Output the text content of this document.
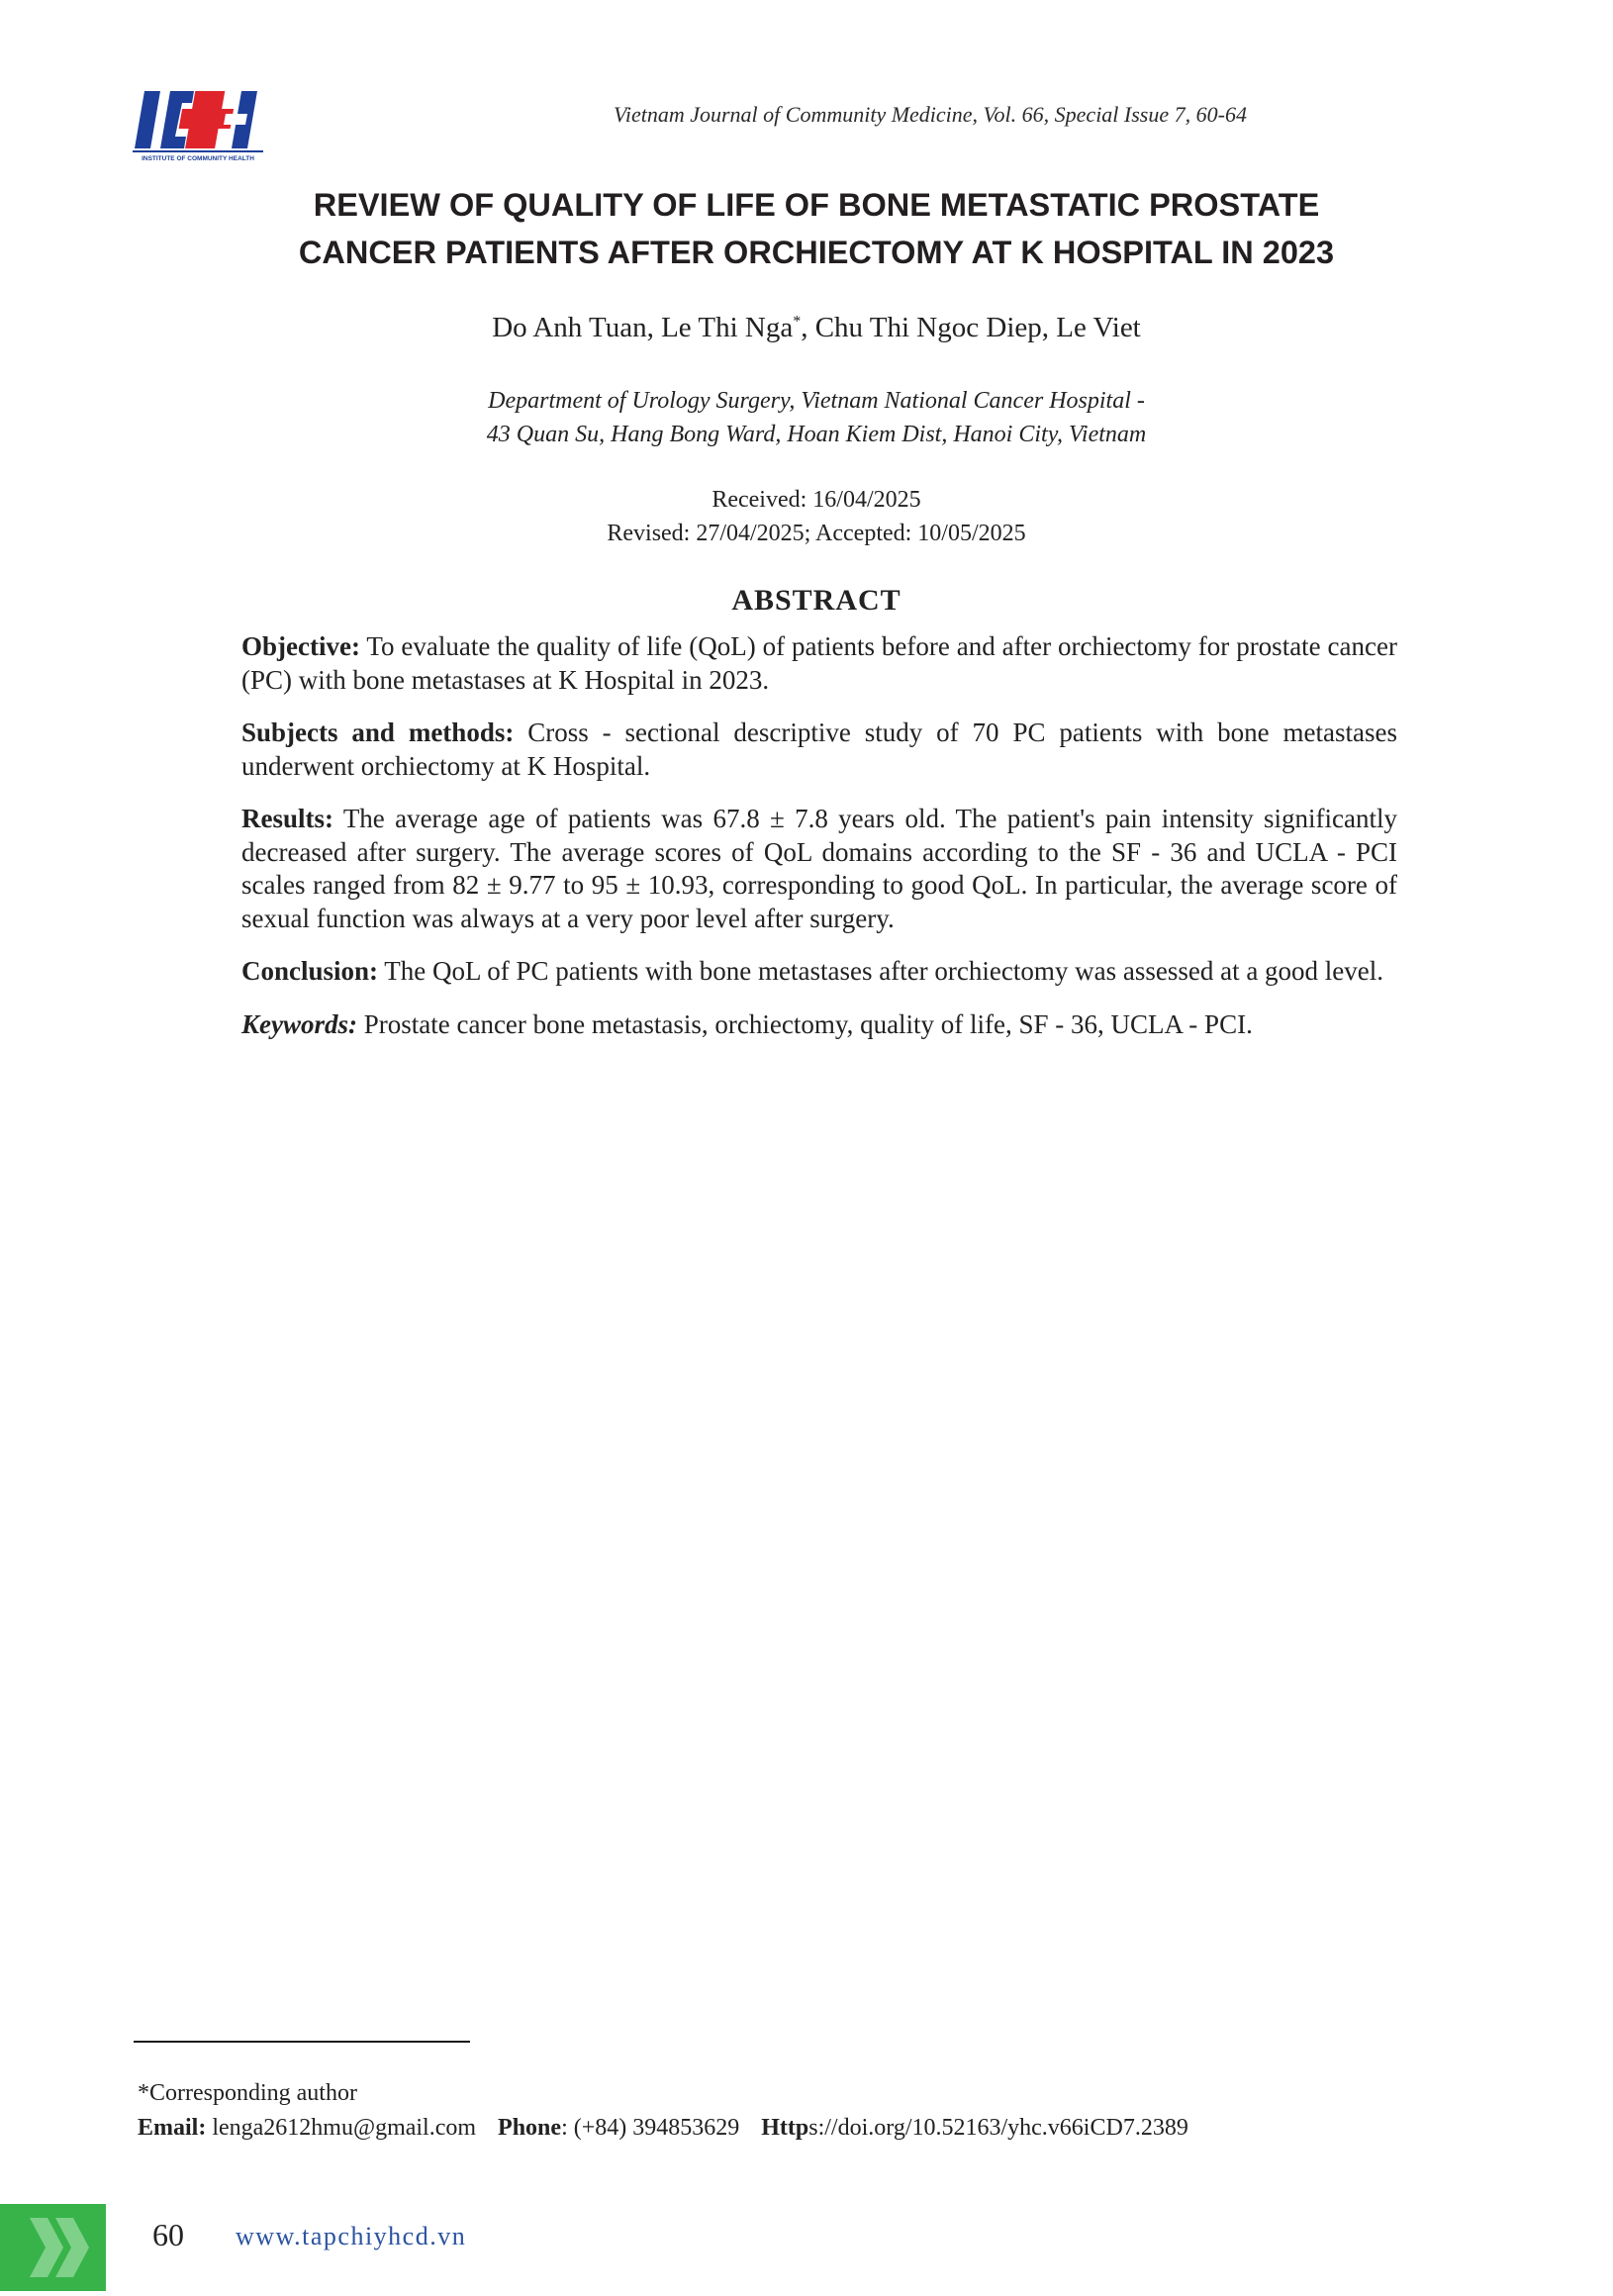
INSTITUTE OF COMMUNITY HEALTH
Vietnam Journal of Community Medicine, Vol. 66, Special Issue 7, 60-64
REVIEW OF QUALITY OF LIFE OF BONE METASTATIC PROSTATE
CANCER PATIENTS AFTER ORCHIECTOMY AT K HOSPITAL IN 2023
Do Anh Tuan, Le Thi Nga*, Chu Thi Ngoc Diep, Le Viet
Department of Urology Surgery, Vietnam National Cancer Hospital -
43 Quan Su, Hang Bong Ward, Hoan Kiem Dist, Hanoi City, Vietnam
Received: 16/04/2025
Revised: 27/04/2025; Accepted: 10/05/2025
ABSTRACT

Objective: To evaluate the quality of life (QoL) of patients before and after orchiectomy for prostate cancer (PC) with bone metastases at K Hospital in 2023.

Subjects and methods: Cross - sectional descriptive study of 70 PC patients with bone metastases underwent orchiectomy at K Hospital.

Results: The average age of patients was 67.8 ± 7.8 years old. The patient's pain intensity significantly decreased after surgery. The average scores of QoL domains according to the SF - 36 and UCLA - PCI scales ranged from 82 ± 9.77 to 95 ± 10.93, corresponding to good QoL. In particular, the average score of sexual function was always at a very poor level after surgery.

Conclusion: The QoL of PC patients with bone metastases after orchiectomy was assessed at a good level.

Keywords: Prostate cancer bone metastasis, orchiectomy, quality of life, SF - 36, UCLA - PCI.

*Corresponding author
Email: lenga2612hmu@gmail.com Phone: (+84) 394853629 Https://doi.org/10.52163/yhc.v66iCD7.2389
60 www.tapchiyhcd.vn
